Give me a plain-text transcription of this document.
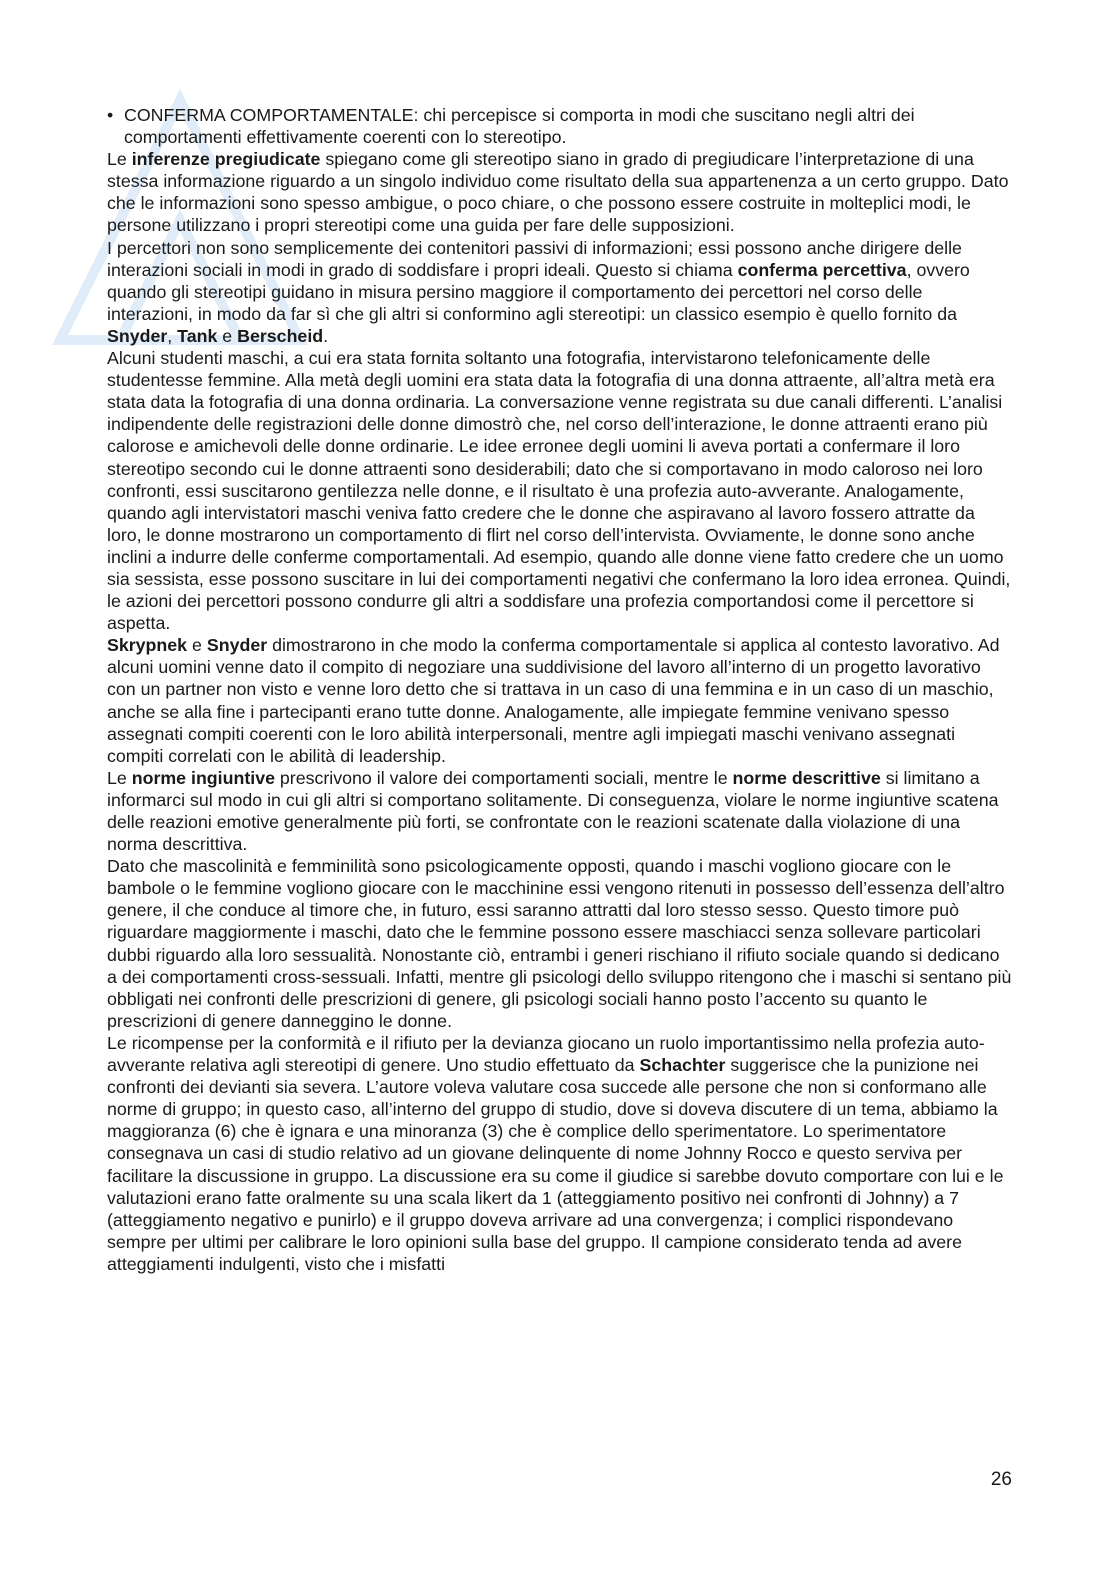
• CONFERMA COMPORTAMENTALE: chi percepisce si comporta in modi che suscitano negli altri dei comportamenti effettivamente coerenti con lo stereotipo.

Le inferenze pregiudicate spiegano come gli stereotipo siano in grado di pregiudicare l’interpretazione di una stessa informazione riguardo a un singolo individuo come risultato della sua appartenenza a un certo gruppo. Dato che le informazioni sono spesso ambigue, o poco chiare, o che possono essere costruite in molteplici modi, le persone utilizzano i propri stereotipi come una guida per fare delle supposizioni.

I percettori non sono semplicemente dei contenitori passivi di informazioni; essi possono anche dirigere delle interazioni sociali in modi in grado di soddisfare i propri ideali. Questo si chiama conferma percettiva, ovvero quando gli stereotipi guidano in misura persino maggiore il comportamento dei percettori nel corso delle interazioni, in modo da far sì che gli altri si conformino agli stereotipi: un classico esempio è quello fornito da Snyder, Tank e Berscheid.

Alcuni studenti maschi, a cui era stata fornita soltanto una fotografia, intervistarono telefonicamente delle studentesse femmine. Alla metà degli uomini era stata data la fotografia di una donna attraente, all’altra metà era stata data la fotografia di una donna ordinaria. La conversazione venne registrata su due canali differenti. L’analisi indipendente delle registrazioni delle donne dimostrò che, nel corso dell’interazione, le donne attraenti erano più calorose e amichevoli delle donne ordinarie. Le idee erronee degli uomini li aveva portati a confermare il loro stereotipo secondo cui le donne attraenti sono desiderabili; dato che si comportavano in modo caloroso nei loro confronti, essi suscitarono gentilezza nelle donne, e il risultato è una profezia auto-avverante. Analogamente, quando agli intervistatori maschi veniva fatto credere che le donne che aspiravano al lavoro fossero attratte da loro, le donne mostrarono un comportamento di flirt nel corso dell’intervista. Ovviamente, le donne sono anche inclini a indurre delle conferme comportamentali. Ad esempio, quando alle donne viene fatto credere che un uomo sia sessista, esse possono suscitare in lui dei comportamenti negativi che confermano la loro idea erronea. Quindi, le azioni dei percettori possono condurre gli altri a soddisfare una profezia comportandosi come il percettore si aspetta.

Skrypnek e Snyder dimostrarono in che modo la conferma comportamentale si applica al contesto lavorativo. Ad alcuni uomini venne dato il compito di negoziare una suddivisione del lavoro all’interno di un progetto lavorativo con un partner non visto e venne loro detto che si trattava in un caso di una femmina e in un caso di un maschio, anche se alla fine i partecipanti erano tutte donne. Analogamente, alle impiegate femmine venivano spesso assegnati compiti coerenti con le loro abilità interpersonali, mentre agli impiegati maschi venivano assegnati compiti correlati con le abilità di leadership.

Le norme ingiuntive prescrivono il valore dei comportamenti sociali, mentre le norme descrittive si limitano a informarci sul modo in cui gli altri si comportano solitamente. Di conseguenza, violare le norme ingiuntive scatena delle reazioni emotive generalmente più forti, se confrontate con le reazioni scatenate dalla violazione di una norma descrittiva.

Dato che mascolinità e femminilità sono psicologicamente opposti, quando i maschi vogliono giocare con le bambole o le femmine vogliono giocare con le macchinine essi vengono ritenuti in possesso dell’essenza dell’altro genere, il che conduce al timore che, in futuro, essi saranno attratti dal loro stesso sesso. Questo timore può riguardare maggiormente i maschi, dato che le femmine possono essere maschiacci senza sollevare particolari dubbi riguardo alla loro sessualità. Nonostante ciò, entrambi i generi rischiano il rifiuto sociale quando si dedicano a dei comportamenti cross-sessuali. Infatti, mentre gli psicologi dello sviluppo ritengono che i maschi si sentano più obbligati nei confronti delle prescrizioni di genere, gli psicologi sociali hanno posto l’accento su quanto le prescrizioni di genere danneggino le donne.

Le ricompense per la conformità e il rifiuto per la devianza giocano un ruolo importantissimo nella profezia auto-avverante relativa agli stereotipi di genere. Uno studio effettuato da Schachter suggerisce che la punizione nei confronti dei devianti sia severa. L’autore voleva valutare cosa succede alle persone che non si conformano alle norme di gruppo; in questo caso, all’interno del gruppo di studio, dove si doveva discutere di un tema, abbiamo la maggioranza (6) che è ignara e una minoranza (3) che è complice dello sperimentatore. Lo sperimentatore consegnava un casi di studio relativo ad un giovane delinquente di nome Johnny Rocco e questo serviva per facilitare la discussione in gruppo. La discussione era su come il giudice si sarebbe dovuto comportare con lui e le valutazioni erano fatte oralmente su una scala likert da 1 (atteggiamento positivo nei confronti di Johnny) a 7 (atteggiamento negativo e punirlo) e il gruppo doveva arrivare ad una convergenza; i complici rispondevano sempre per ultimi per calibrare le loro opinioni sulla base del gruppo. Il campione considerato tenda ad avere atteggiamenti indulgenti, visto che i misfatti

26
